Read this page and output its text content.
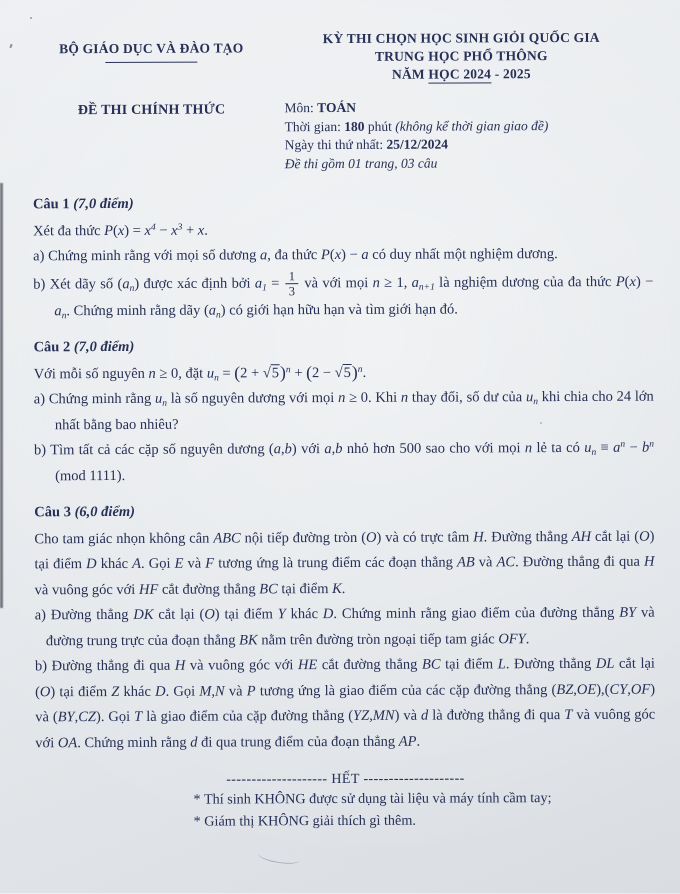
BỘ GIÁO DỤC VÀ ĐÀO TẠO
KỲ THI CHỌN HỌC SINH GIỎI QUỐC GIA
TRUNG HỌC PHỔ THÔNG
NĂM HỌC 2024 - 2025
ĐỀ THI CHÍNH THỨC	Môn: TOÁN
Thời gian: 180 phút (không kể thời gian giao đề)
Ngày thi thứ nhất: 25/12/2024
Đề thi gồm 01 trang, 03 câu

Câu 1 (7,0 điểm)

Xét đa thức $P(x) = x^4 - x^3 + x$.

a) Chứng minh rằng với mọi số dương a, đa thức P(x) − a có duy nhất một nghiệm dương.

b) Xét dãy số $(a_n)$ được xác định bởi $a_1 = \frac{1}{3}$ và với mọi n ≥ 1, $a_{n+1}$ là nghiệm dương của đa thức $P(x) - a_n$. Chứng minh rằng dãy $(a_n)$ có giới hạn hữu hạn và tìm giới hạn đó.

Câu 2 (7,0 điểm)

Với mỗi số nguyên n ≥ 0, đặt $u_n = (2 + √5)^n + (2 - √5)^n$.

a) Chứng minh rằng $u_n$ là số nguyên dương với mọi n ≥ 0. Khi n thay đổi, số dư của $u_n$ khi chia cho 24 lớn nhất bằng bao nhiêu?

b) Tìm tất cả các cặp số nguyên dương (a,b) với a,b nhỏ hơn 500 sao cho với mọi n lẻ ta có $u_n \equiv a^n - b^n$ (mod 1111).

Câu 3 (6,0 điểm)

Cho tam giác nhọn không cân ABC nội tiếp đường tròn (O) và có trực tâm H. Đường thẳng AH cắt lại (O) tại điểm D khác A. Gọi E và F tương ứng là trung điểm các đoạn thẳng AB và AC. Đường thẳng đi qua H và vuông góc với HF cắt đường thẳng BC tại điểm K.

a) Đường thẳng DK cắt lại (O) tại điểm Y khác D. Chứng minh rằng giao điểm của đường thẳng BY và đường trung trực của đoạn thẳng BK nằm trên đường tròn ngoại tiếp tam giác OFY.

b) Đường thẳng đi qua H và vuông góc với HE cắt đường thẳng BC tại điểm L. Đường thẳng DL cắt lại (O) tại điểm Z khác D. Gọi M,N và P tương ứng là giao điểm của các cặp đường thẳng (BZ,OE),(CY,OF) và (BY,CZ). Gọi T là giao điểm của cặp đường thẳng (YZ,MN) và d là đường thẳng đi qua T và vuông góc với OA. Chứng minh rằng d đi qua trung điểm của đoạn thẳng AP.

-------------------- HẾT --------------------

* Thí sinh KHÔNG được sử dụng tài liệu và máy tính cầm tay;

* Giám thị KHÔNG giải thích gì thêm.
